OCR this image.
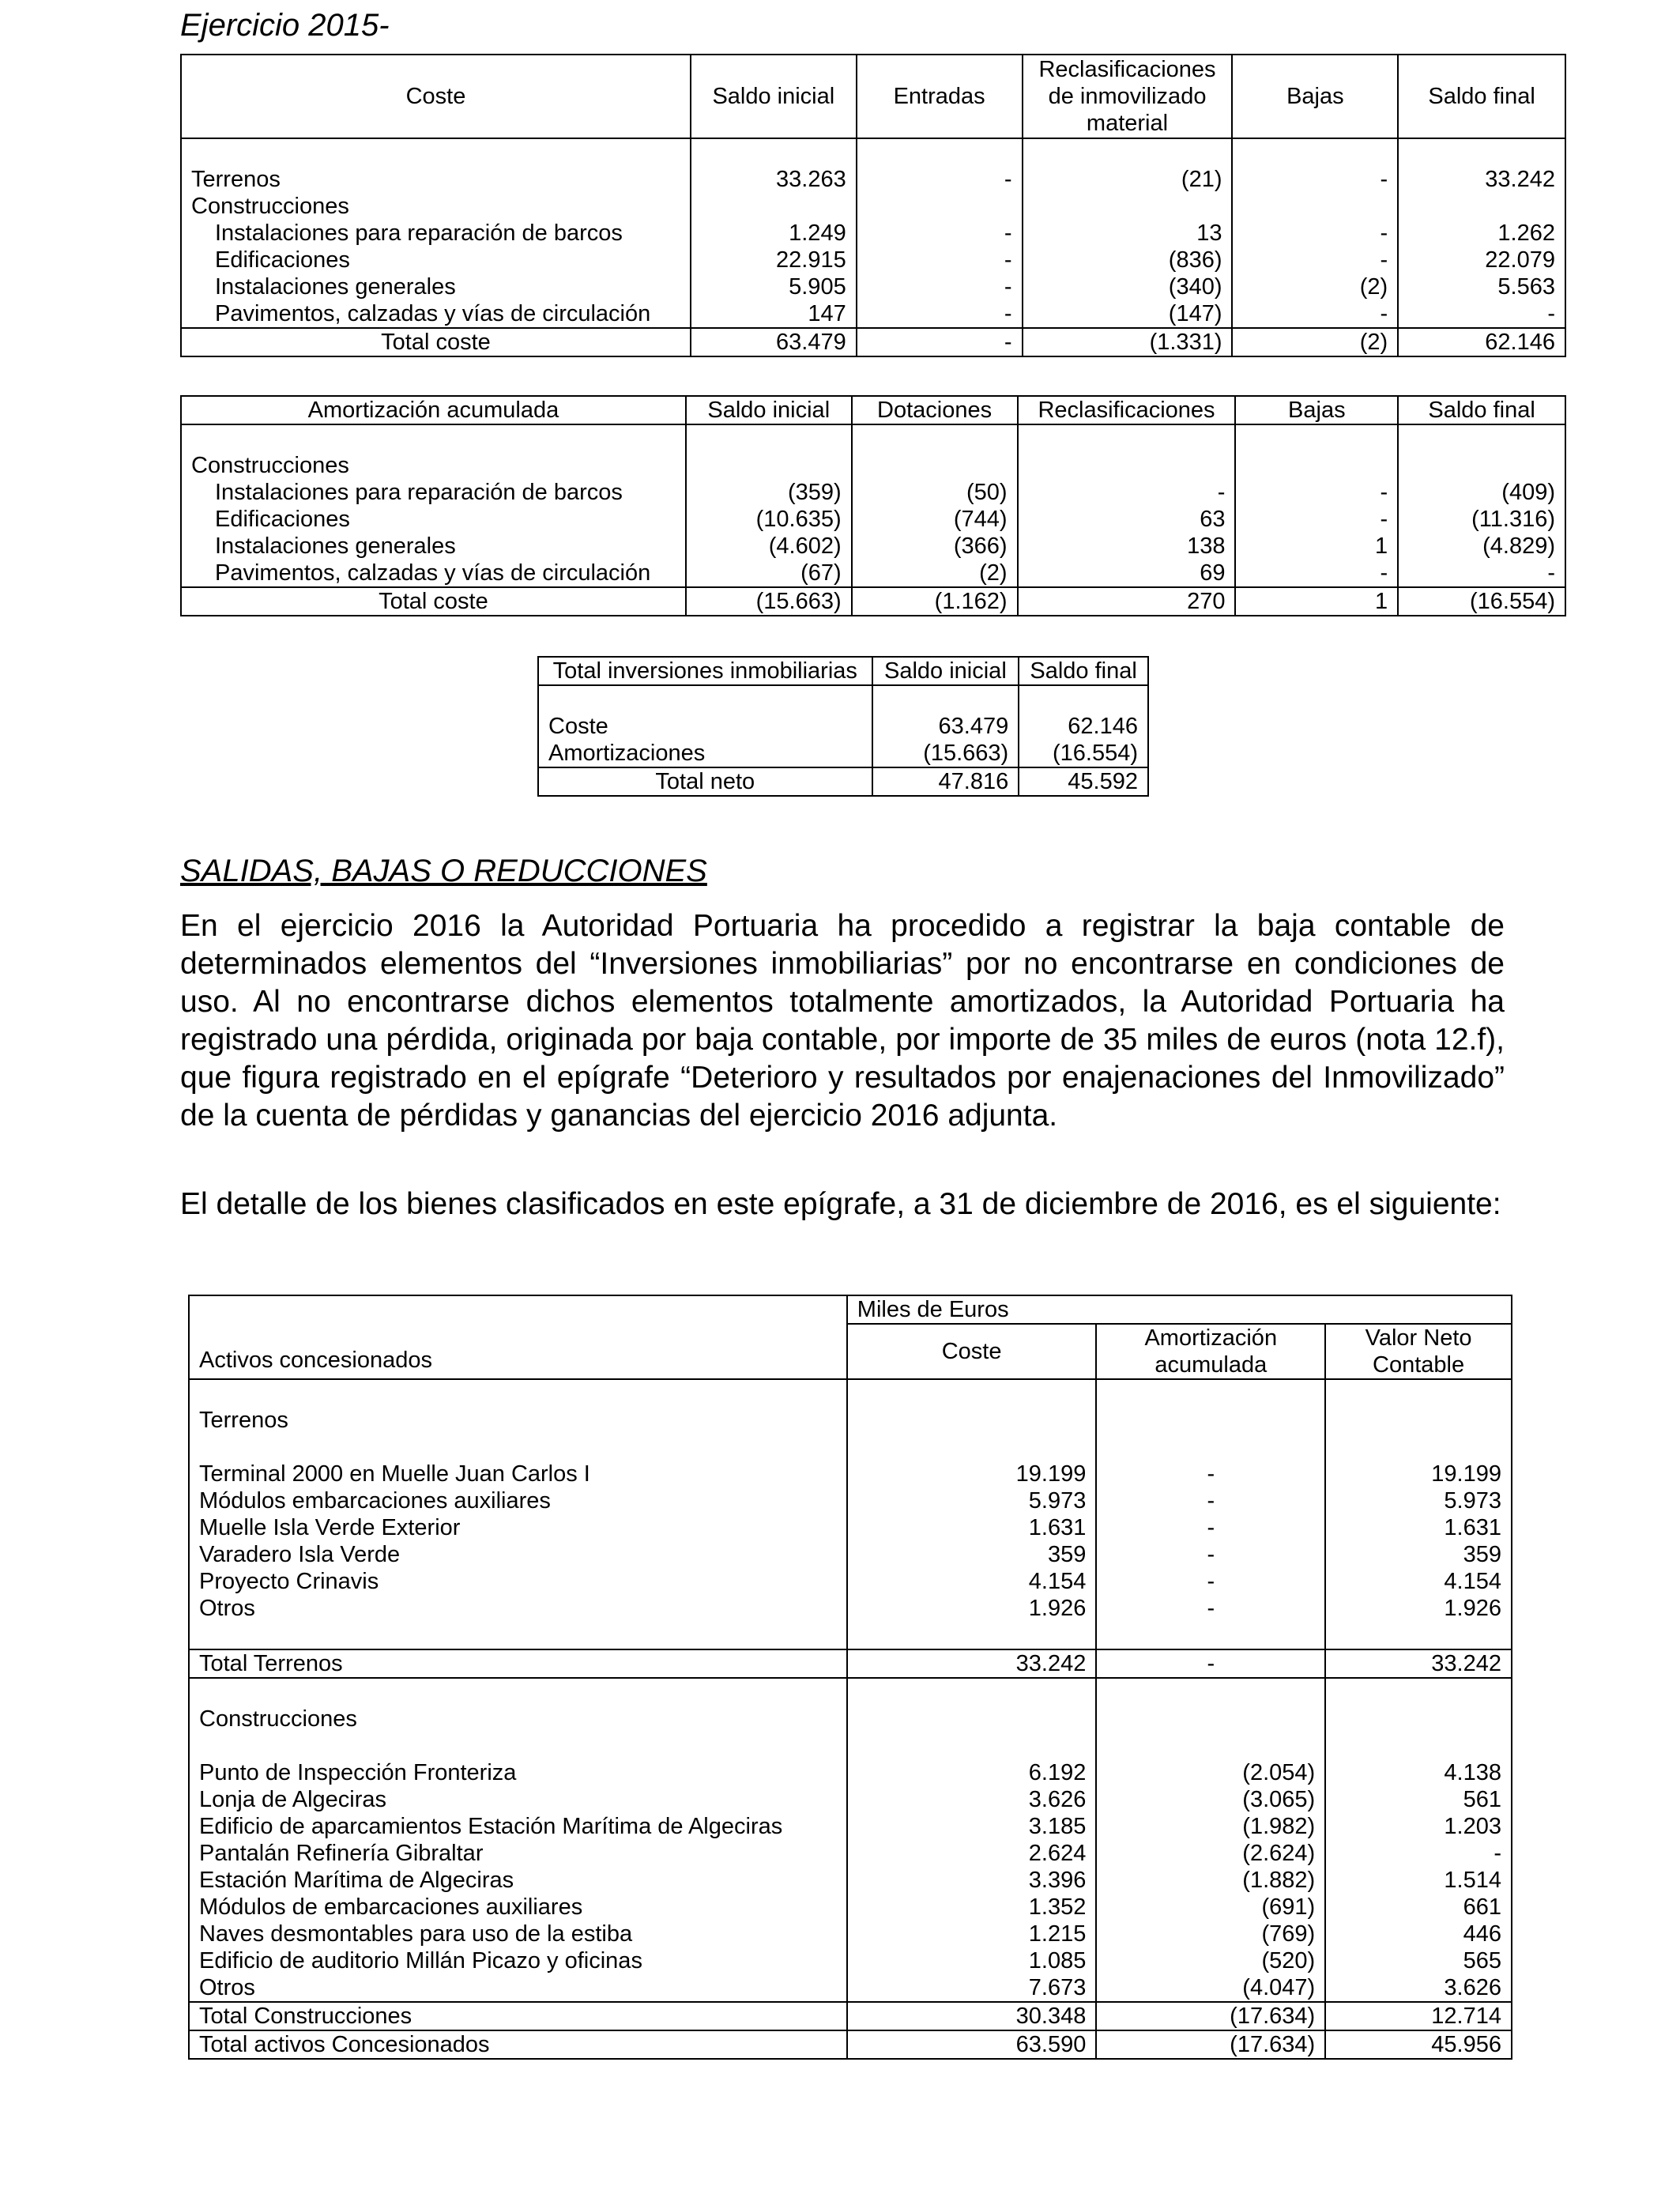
Ejercicio 2015-
Coste	Saldo inicial	Entradas	Reclasificaciones de inmovilizado material	Bajas	Saldo final

Terrenos	33.263	-	(21)	-	33.242
Construcciones					
Instalaciones para reparación de barcos	1.249	-	13	-	1.262
Edificaciones	22.915	-	(836)	-	22.079
Instalaciones generales	5.905	-	(340)	(2)	5.563
Pavimentos, calzadas y vías de circulación	147	-	(147)	-	-
Total coste	63.479	-	(1.331)	(2)	62.146
Amortización acumulada	Saldo inicial	Dotaciones	Reclasificaciones	Bajas	Saldo final

Construcciones					
Instalaciones para reparación de barcos	(359)	(50)	-	-	(409)
Edificaciones	(10.635)	(744)	63	-	(11.316)
Instalaciones generales	(4.602)	(366)	138	1	(4.829)
Pavimentos, calzadas y vías de circulación	(67)	(2)	69	-	-
Total coste	(15.663)	(1.162)	270	1	(16.554)
Total inversiones inmobiliarias	Saldo inicial	Saldo final

Coste	63.479	62.146
Amortizaciones	(15.663)	(16.554)
Total neto	47.816	45.592
SALIDAS, BAJAS O REDUCCIONES

En el ejercicio 2016 la Autoridad Portuaria ha procedido a registrar la baja contable de determinados elementos del “Inversiones inmobiliarias” por no encontrarse en condiciones de uso. Al no encontrarse dichos elementos totalmente amortizados, la Autoridad Portuaria ha registrado una pérdida, originada por baja contable, por importe de 35 miles de euros (nota 12.f), que figura registrado en el epígrafe “Deterioro y resultados por enajenaciones del Inmovilizado” de la cuenta de pérdidas y ganancias del ejercicio 2016 adjunta.

El detalle de los bienes clasificados en este epígrafe, a 31 de diciembre de 2016, es el siguiente:

Activos concesionados	Miles de Euros		
	Coste	Amortización acumulada	Valor Neto Contable

Terrenos			

Terminal 2000 en Muelle Juan Carlos I	19.199	-	19.199
Módulos embarcaciones auxiliares	5.973	-	5.973
Muelle Isla Verde Exterior	1.631	-	1.631
Varadero Isla Verde	359	-	359
Proyecto Crinavis	4.154	-	4.154
Otros	1.926	-	1.926

Total Terrenos	33.242	-	33.242

Construcciones			

Punto de Inspección Fronteriza	6.192	(2.054)	4.138
Lonja de Algeciras	3.626	(3.065)	561
Edificio de aparcamientos Estación Marítima de Algeciras	3.185	(1.982)	1.203
Pantalán Refinería Gibraltar	2.624	(2.624)	-
Estación Marítima de Algeciras	3.396	(1.882)	1.514
Módulos de embarcaciones auxiliares	1.352	(691)	661
Naves desmontables para uso de la estiba	1.215	(769)	446
Edificio de auditorio Millán Picazo y oficinas	1.085	(520)	565
Otros	7.673	(4.047)	3.626
Total Construcciones	30.348	(17.634)	12.714
Total activos Concesionados	63.590	(17.634)	45.956
